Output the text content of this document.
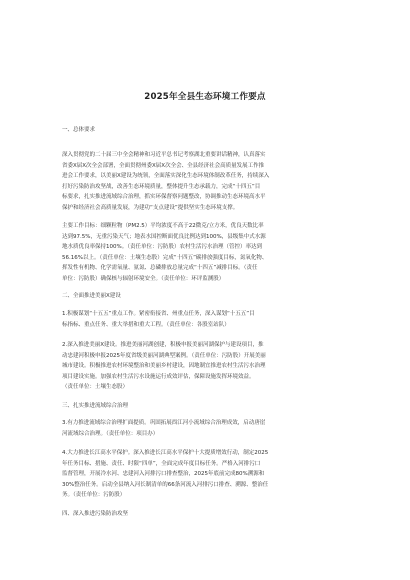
2025年全县生态环境工作要点
一、总体要求
深入贯彻党的二十届三中全会精神和习近平总书记考察湖北重要讲话精神，认真落实
省委X届X次全会部署，全面贯彻州委X届X次全会、全县经济社会高质量发展工作推
进会工作要求，以美丽X建设为统领，全面落实深化生态环境体制改革任务，持续深入
打好污染防治攻坚战，改善生态环境质量，整体提升生态承载力，完成“十四五”目
标要求，扎实推进流域综合治理，抓实环保督察问题整改，协调推动生态环境高水平
保护和经济社会高质量发展，为建功“支点建设”提供坚实生态环境支撑。
主要工作目标：细颗粒物（PM2.5）平均浓度不高于22微克/立方米，优良天数比率
达到97.5%，无重污染天气；地表水国控断面优良比例达到100%，县级集中式水源
地水质优良率保持100%。（责任单位：污防股）农村生活污水治理（管控）率达到
56.16%以上。（责任单位：土壤生态股）完成“十四五”碳排放强度目标，氮氧化物、
挥发性有机物、化学需氧量、氨氮、总磷排放总量完成“十四五”减排目标。（责任
单位：污防股）确保核与辐射环境安全。（责任单位：环评监测股）
二、全面推进美丽X建设
1.积极谋划“十五五”重点工作。紧密衔接省、州重点任务，深入谋划“十五五”目
标指标、重点任务、重大举措和重大工程。（责任单位：各股室站队）
2.深入推进美丽X建设。推进美丽河湖创建，积极申报美丽河湖保护与建设项目，推
动忠建河积极申报2025年度省级美丽河湖典型案例。（责任单位：污防股）开展美丽
城市建设。积极推进农村环境整治和美丽乡村建设，因地制宜推进农村生活污水治理
项目建设实施。加强农村生活污水设施运行成效评估，保障设施发挥环境效益。
（责任单位：土壤生态股）
三、扎实推进流域综合治理
3.有力推进流域综合治理扩面提质。巩固拓展酉江河小流域综合治理成效，启动唐崖
河流域综合治理。（责任单位：项目办）
4.大力推进长江高水平保护。深入推进长江高水平保护十大提质增效行动，制定2025
年任务目标、措施、责任、时限“四单”，全面完成年度目标任务。严格入河排污口
监督管理，开展冷水河、忠建河入河排污口排查整治，2025年底前完成80%溯源和
30%整治任务。启动全县纳入河长制清单的66条河流入河排污口排查、溯源、整治任
务。（责任单位：污防股）
四、深入推进污染防治攻坚
